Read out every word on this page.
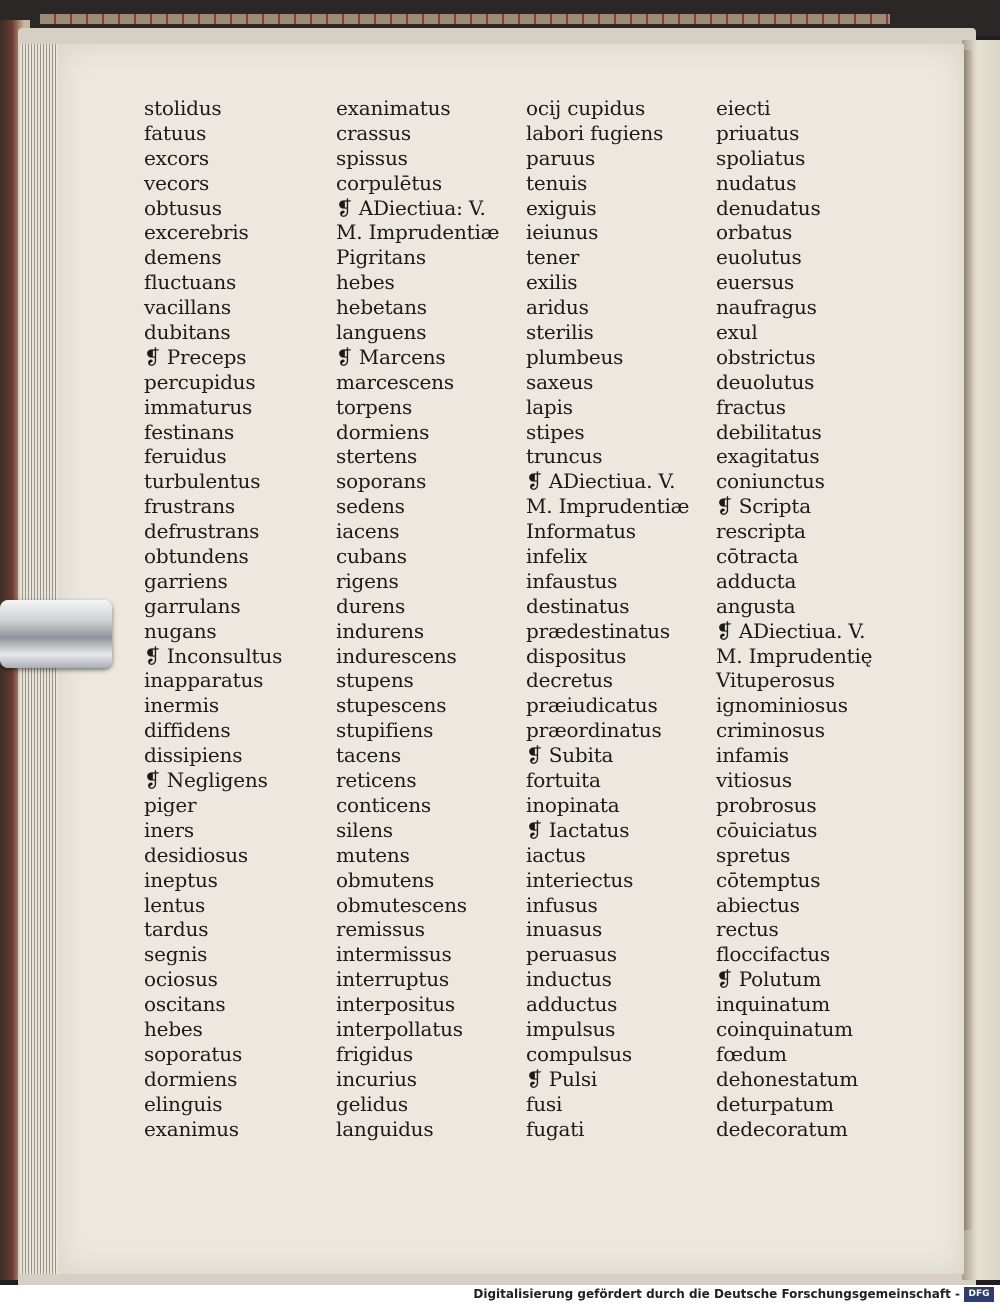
stolidus
fatuus
excors
vecors
obtusus
excerebris
demens
fluctuans
vacillans
dubitans
❡ Preceps
percupidus
immaturus
festinans
feruidus
turbulentus
frustrans
defrustrans
obtundens
garriens
garrulans
nugans
❡ Inconsultus
inapparatus
inermis
diffidens
dissipiens
❡ Negligens
piger
iners
desidiosus
ineptus
lentus
tardus
segnis
ociosus
oscitans
hebes
soporatus
dormiens
elinguis
exanimus
exanimatus
crassus
spissus
corpulētus
❡ ADiectiua: V.
M. Imprudentiæ
Pigritans
hebes
hebetans
languens
❡ Marcens
marcescens
torpens
dormiens
stertens
soporans
sedens
iacens
cubans
rigens
durens
indurens
indurescens
stupens
stupescens
stupifiens
tacens
reticens
conticens
silens
mutens
obmutens
obmutescens
remissus
intermissus
interruptus
interpositus
interpollatus
frigidus
incurius
gelidus
languidus
ocij cupidus
labori fugiens
paruus
tenuis
exiguis
ieiunus
tener
exilis
aridus
sterilis
plumbeus
saxeus
lapis
stipes
truncus
❡ ADiectiua. V.
M. Imprudentiæ
Informatus
infelix
infaustus
destinatus
prædestinatus
dispositus
decretus
præiudicatus
præordinatus
❡ Subita
fortuita
inopinata
❡ Iactatus
iactus
interiectus
infusus
inuasus
peruasus
inductus
adductus
impulsus
compulsus
❡ Pulsi
fusi
fugati
eiecti
priuatus
spoliatus
nudatus
denudatus
orbatus
euolutus
euersus
naufragus
exul
obstrictus
deuolutus
fractus
debilitatus
exagitatus
coniunctus
❡ Scripta
rescripta
cōtracta
adducta
angusta
❡ ADiectiua. V.
M. Imprudentię
Vituperosus
ignominiosus
criminosus
infamis
vitiosus
probrosus
cōuiciatus
spretus
cōtemptus
abiectus
rectus
floccifactus
❡ Polutum
inquinatum
coinquinatum
fœdum
dehonestatum
deturpatum
dedecoratum
Digitalisierung gefördert durch die Deutsche Forschungsgemeinschaft - DFG
